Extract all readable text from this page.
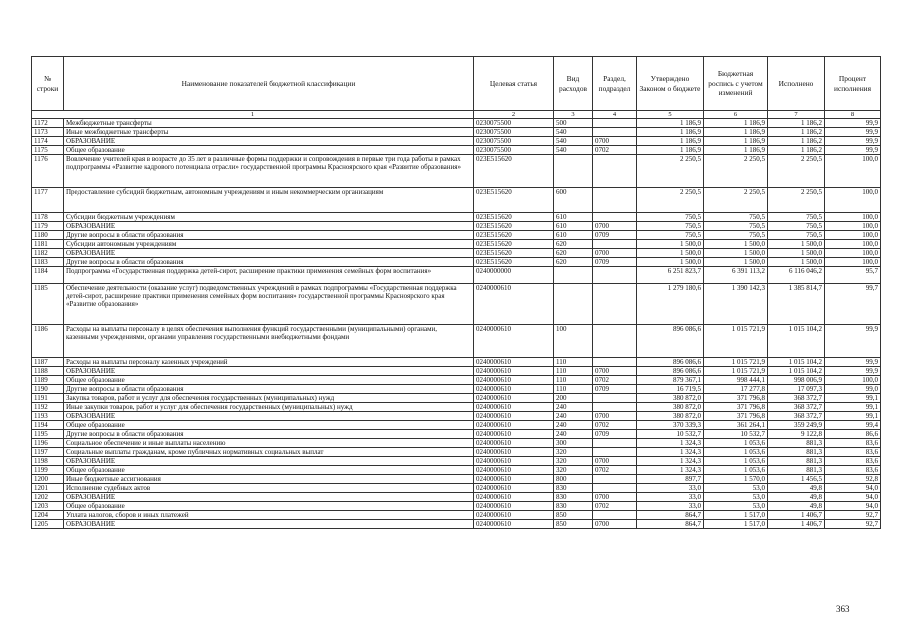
№ строки	Наименование показателей бюджетной классификации	Целевая статья	Вид расходов	Раздел, подраздел	Утверждено Законом о бюджете	Бюджетная роспись с учетом изменений	Исполнено	Процент исполнения
1		2	3	4	5	6	7	8
1172	Межбюджетные трансферты	0230075500	500		1 186,9	1 186,9	1 186,2	99,9
1173	Иные межбюджетные трансферты	0230075500	540		1 186,9	1 186,9	1 186,2	99,9
1174	ОБРАЗОВАНИЕ	0230075500	540	0700	1 186,9	1 186,9	1 186,2	99,9
1175	Общее образование	0230075500	540	0702	1 186,9	1 186,9	1 186,2	99,9
1176	Вовлечение учителей края в возрасте до 35 лет в различные формы поддержки и сопровождения в первые три года работы в рамках подпрограммы «Развитие кадрового потенциала отрасли» государственной программы Красноярского края «Развитие образования»	023E515620			2 250,5	2 250,5	2 250,5	100,0
1177	Предоставление субсидий бюджетным, автономным учреждениям и иным некоммерческим организациям	023E515620	600		2 250,5	2 250,5	2 250,5	100,0
1178	Субсидии бюджетным учреждениям	023E515620	610		750,5	750,5	750,5	100,0
1179	ОБРАЗОВАНИЕ	023E515620	610	0700	750,5	750,5	750,5	100,0
1180	Другие вопросы в области образования	023E515620	610	0709	750,5	750,5	750,5	100,0
1181	Субсидии автономным учреждениям	023E515620	620		1 500,0	1 500,0	1 500,0	100,0
1182	ОБРАЗОВАНИЕ	023E515620	620	0700	1 500,0	1 500,0	1 500,0	100,0
1183	Другие вопросы в области образования	023E515620	620	0709	1 500,0	1 500,0	1 500,0	100,0
1184	Подпрограмма «Государственная поддержка детей-сирот, расширение практики применения семейных форм воспитания»	0240000000			6 251 823,7	6 391 113,2	6 116 046,2	95,7
1185	Обеспечение деятельности (оказание услуг) подведомственных учреждений в рамках подпрограммы «Государственная поддержка детей-сирот, расширение практики применения семейных форм воспитания» государственной программы Красноярского края «Развитие образования»	0240000610			1 279 180,6	1 390 142,3	1 385 814,7	99,7
1186	Расходы на выплаты персоналу в целях обеспечения выполнения функций государственными (муниципальными) органами, казенными учреждениями, органами управления государственными внебюджетными фондами	0240000610	100		896 086,6	1 015 721,9	1 015 104,2	99,9
1187	Расходы на выплаты персоналу казенных учреждений	0240000610	110		896 086,6	1 015 721,9	1 015 104,2	99,9
1188	ОБРАЗОВАНИЕ	0240000610	110	0700	896 086,6	1 015 721,9	1 015 104,2	99,9
1189	Общее образование	0240000610	110	0702	879 367,1	998 444,1	998 006,9	100,0
1190	Другие вопросы в области образования	0240000610	110	0709	16 719,5	17 277,8	17 097,3	99,0
1191	Закупка товаров, работ и услуг для обеспечения государственных (муниципальных) нужд	0240000610	200		380 872,0	371 796,8	368 372,7	99,1
1192	Иные закупки товаров, работ и услуг для обеспечения государственных (муниципальных) нужд	0240000610	240		380 872,0	371 796,8	368 372,7	99,1
1193	ОБРАЗОВАНИЕ	0240000610	240	0700	380 872,0	371 796,8	368 372,7	99,1
1194	Общее образование	0240000610	240	0702	370 339,3	361 264,1	359 249,9	99,4
1195	Другие вопросы в области образования	0240000610	240	0709	10 532,7	10 532,7	9 122,8	86,6
1196	Социальное обеспечение и иные выплаты населению	0240000610	300		1 324,3	1 053,6	881,3	83,6
1197	Социальные выплаты гражданам, кроме публичных нормативных социальных выплат	0240000610	320		1 324,3	1 053,6	881,3	83,6
1198	ОБРАЗОВАНИЕ	0240000610	320	0700	1 324,3	1 053,6	881,3	83,6
1199	Общее образование	0240000610	320	0702	1 324,3	1 053,6	881,3	83,6
1200	Иные бюджетные ассигнования	0240000610	800		897,7	1 570,0	1 456,5	92,8
1201	Исполнение судебных актов	0240000610	830		33,0	53,0	49,8	94,0
1202	ОБРАЗОВАНИЕ	0240000610	830	0700	33,0	53,0	49,8	94,0
1203	Общее образование	0240000610	830	0702	33,0	53,0	49,8	94,0
1204	Уплата налогов, сборов и иных платежей	0240000610	850		864,7	1 517,0	1 406,7	92,7
1205	ОБРАЗОВАНИЕ	0240000610	850	0700	864,7	1 517,0	1 406,7	92,7
363
